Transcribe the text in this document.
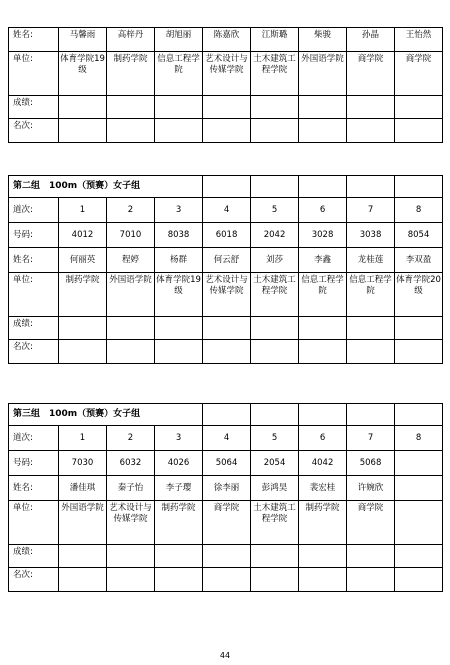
姓名:	马馨雨	高梓丹	胡旭丽	陈嘉欣	江斯璐	柴骏	孙晶	王怡然
单位:	体育学院19级	制药学院	信息工程学院	艺术设计与传媒学院	土木建筑工程学院	外国语学院	商学院	商学院
成绩:								
名次:								
第二组　100m（预赛）女子组								
道次:	1	2	3	4	5	6	7	8
号码:	4012	7010	8038	6018	2042	3028	3038	8054
姓名:	何丽英	程婷	杨群	何云舒	刘莎	李鑫	龙桂莲	李双盈
单位:	制药学院	外国语学院	体育学院19级	艺术设计与传媒学院	土木建筑工程学院	信息工程学院	信息工程学院	体育学院20级
成绩:								
名次:								
第三组　100m（预赛）女子组								
道次:	1	2	3	4	5	6	7	8
号码:	7030	6032	4026	5064	2054	4042	5068	
姓名:	潘佳琪	秦子怡	李子璎	徐李丽	彭鸿昊	裴宏桂	许婉欣	
单位:	外国语学院	艺术设计与传媒学院	制药学院	商学院	土木建筑工程学院	制药学院	商学院	
成绩:								
名次:								
44
